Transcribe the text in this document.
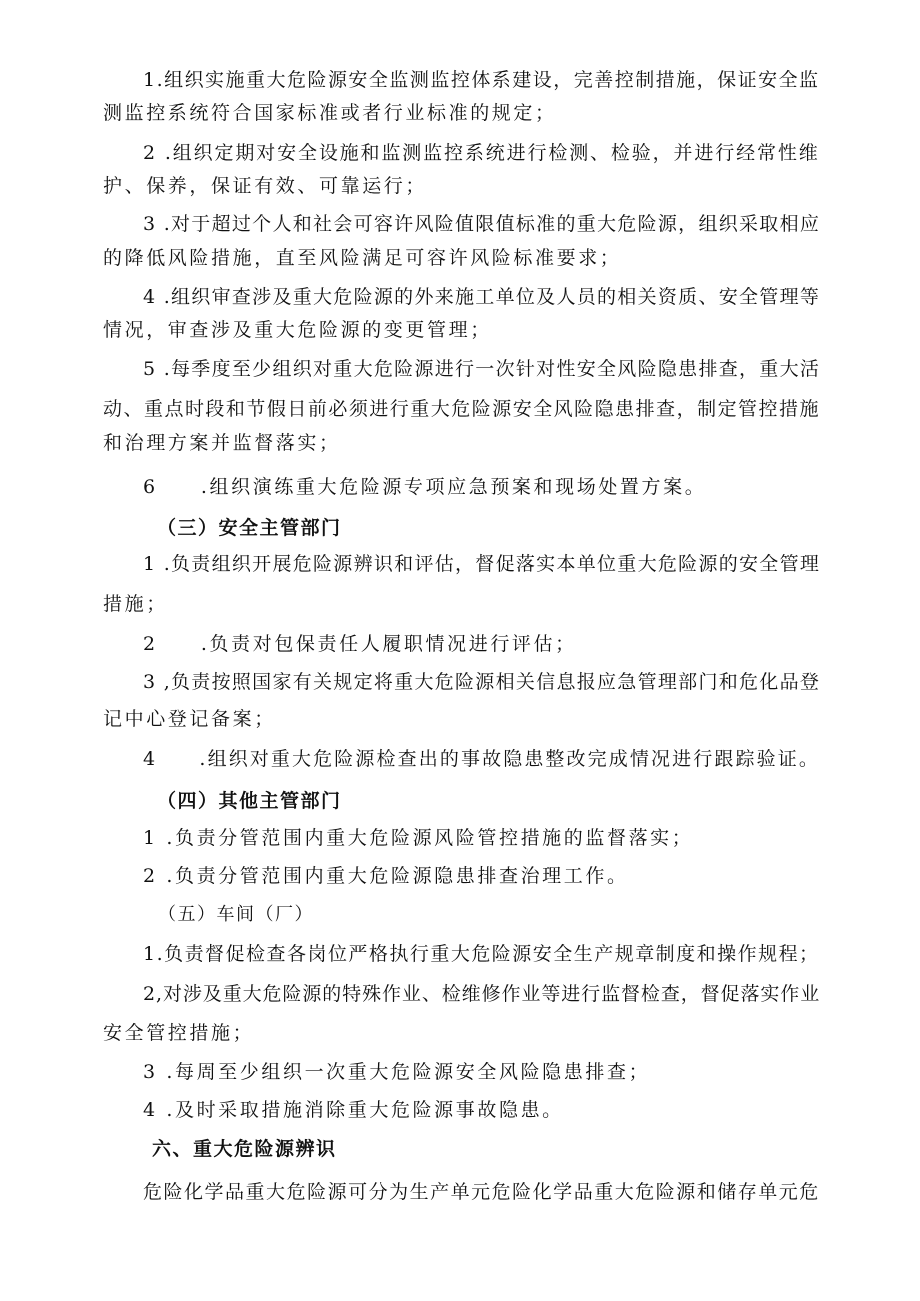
1.组织实施重大危险源安全监测监控体系建设，完善控制措施，保证安全监
测监控系统符合国家标准或者行业标准的规定；
2 .组织定期对安全设施和监测监控系统进行检测、检验，并进行经常性维
护、保养，保证有效、可靠运行；
3 .对于超过个人和社会可容许风险值限值标准的重大危险源，组织采取相应
的降低风险措施，直至风险满足可容许风险标准要求；
4 .组织审查涉及重大危险源的外来施工单位及人员的相关资质、安全管理等
情况，审查涉及重大危险源的变更管理；
5 .每季度至少组织对重大危险源进行一次针对性安全风险隐患排查，重大活
动、重点时段和节假日前必须进行重大危险源安全风险隐患排查，制定管控措施
和治理方案并监督落实；
6　　.组织演练重大危险源专项应急预案和现场处置方案。
（三）安全主管部门
1 .负责组织开展危险源辨识和评估，督促落实本单位重大危险源的安全管理
措施；
2　　.负责对包保责任人履职情况进行评估；
3 ,负责按照国家有关规定将重大危险源相关信息报应急管理部门和危化品登
记中心登记备案；
4　　.组织对重大危险源检查出的事故隐患整改完成情况进行跟踪验证。
（四）其他主管部门
1 .负责分管范围内重大危险源风险管控措施的监督落实；
2 .负责分管范围内重大危险源隐患排查治理工作。
（五）车间（厂）
1.负责督促检查各岗位严格执行重大危险源安全生产规章制度和操作规程；
2,对涉及重大危险源的特殊作业、检维修作业等进行监督检查，督促落实作业
安全管控措施；
3 .每周至少组织一次重大危险源安全风险隐患排查；
4 .及时采取措施消除重大危险源事故隐患。
六、重大危险源辨识
危险化学品重大危险源可分为生产单元危险化学品重大危险源和储存单元危
